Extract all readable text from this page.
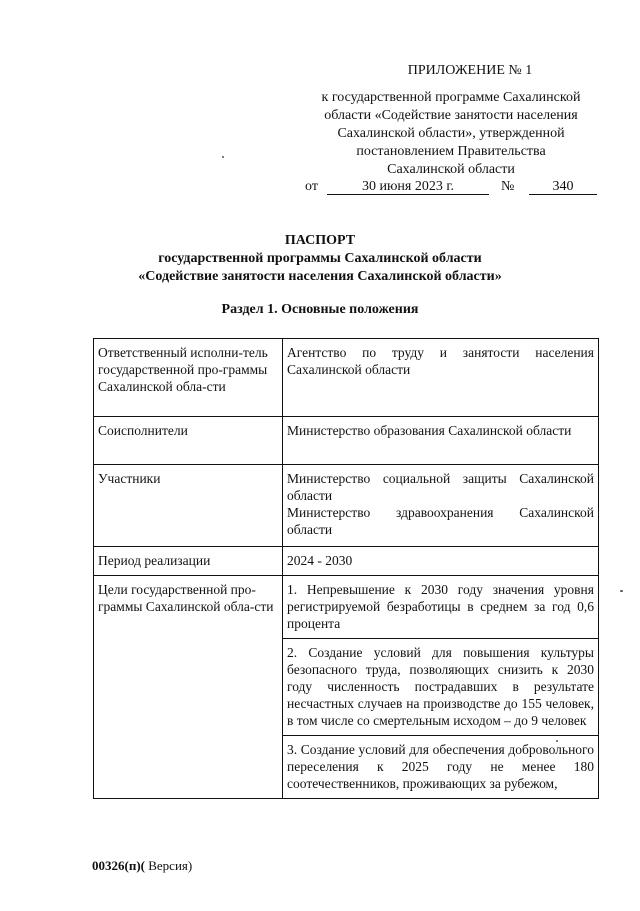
ПРИЛОЖЕНИЕ № 1
к государственной программе Сахалинской
области «Содействие занятости населения
Сахалинской области», утвержденной
постановлением Правительства
Сахалинской области
от	30 июня 2023 г.	№	340
ПАСПОРТ
государственной программы Сахалинской области
«Содействие занятости населения Сахалинской области»
Раздел 1. Основные положения
Ответственный исполни-тель государственной про-граммы Сахалинской обла-сти	Агентство по труду и занятости населения Сахалинской области
Соисполнители	Министерство образования Сахалинской области
Участники	Министерство социальной защиты Сахалинской области
Министерство здравоохранения Сахалинской области

Период реализации	2024 - 2030
Цели государственной про-граммы Сахалинской обла-сти	1. Непревышение к 2030 году значения уровня регистрируемой безработицы в среднем за год 0,6 процента
	2. Создание условий для повышения культуры безопасного труда, позволяющих снизить к 2030 году численность пострадавших в результате несчастных случаев на производстве до 155 человек, в том числе со смертельным исходом – до 9 человек
	3. Создание условий для обеспечения добровольного переселения к 2025 году не менее 180 соотечественников, проживающих за рубежом,
00326(п)( Версия)
